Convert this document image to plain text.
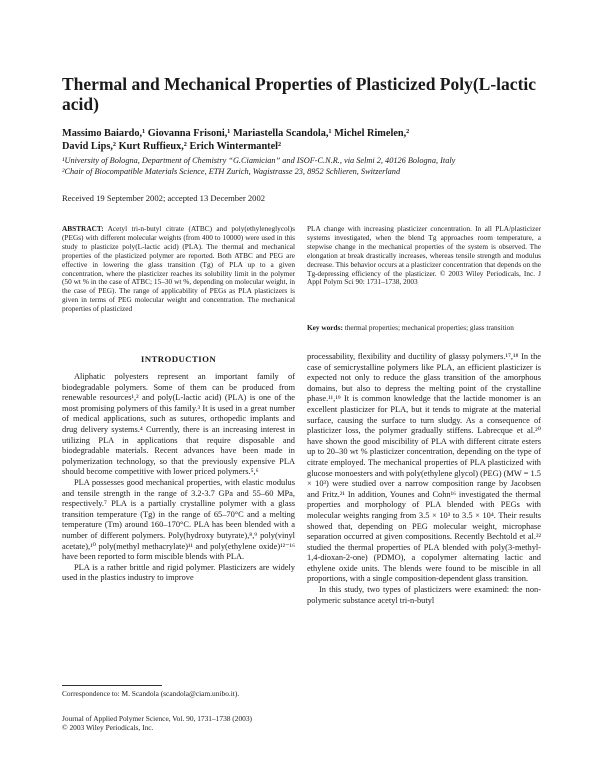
Thermal and Mechanical Properties of Plasticized Poly(L-lactic acid)
Massimo Baiardo,¹ Giovanna Frisoni,¹ Mariastella Scandola,¹ Michel Rimelen,²
David Lips,² Kurt Ruffieux,² Erich Wintermantel²
¹University of Bologna, Department of Chemistry “G.Ciamician” and ISOF-C.N.R., via Selmi 2, 40126 Bologna, Italy
²Chair of Biocompatible Materials Science, ETH Zurich, Wagistrasse 23, 8952 Schlieren, Switzerland
Received 19 September 2002; accepted 13 December 2002
ABSTRACT: Acetyl tri-n-butyl citrate (ATBC) and poly(ethyleneglycol)s (PEGs) with different molecular weights (from 400 to 10000) were used in this study to plasticize poly(L-lactic acid) (PLA). The thermal and mechanical properties of the plasticized polymer are reported. Both ATBC and PEG are effective in lowering the glass transition (Tg) of PLA up to a given concentration, where the plasticizer reaches its solubility limit in the polymer (50 wt % in the case of ATBC; 15–30 wt %, depending on molecular weight, in the case of PEG). The range of applicability of PEGs as PLA plasticizers is given in terms of PEG molecular weight and concentration. The mechanical properties of plasticized
PLA change with increasing plasticizer concentration. In all PLA/plasticizer systems investigated, when the blend Tg approaches room temperature, a stepwise change in the mechanical properties of the system is observed. The elongation at break drastically increases, whereas tensile strength and modulus decrease. This behavior occurs at a plasticizer concentration that depends on the Tg-depressing efficiency of the plasticizer. © 2003 Wiley Periodicals, Inc. J Appl Polym Sci 90: 1731–1738, 2003
Key words: thermal properties; mechanical properties; glass transition
INTRODUCTION

Aliphatic polyesters represent an important family of biodegradable polymers. Some of them can be produced from renewable resources¹,² and poly(L-lactic acid) (PLA) is one of the most promising polymers of this family.³ It is used in a great number of medical applications, such as sutures, orthopedic implants and drug delivery systems.⁴ Currently, there is an increasing interest in utilizing PLA in applications that require disposable and biodegradable materials. Recent advances have been made in polymerization technology, so that the previously expensive PLA should become competitive with lower priced polymers.⁵,⁶

PLA possesses good mechanical properties, with elastic modulus and tensile strength in the range of 3.2-3.7 GPa and 55–60 MPa, respectively.⁷ PLA is a partially crystalline polymer with a glass transition temperature (Tg) in the range of 65–70°C and a melting temperature (Tm) around 160–170°C. PLA has been blended with a number of different polymers. Poly(hydroxy butyrate),⁸,⁹ poly(vinyl acetate),¹⁰ poly(methyl methacrylate)¹¹ and poly(ethylene oxide)¹²⁻¹⁶ have been reported to form miscible blends with PLA.

PLA is a rather brittle and rigid polymer. Plasticizers are widely used in the plastics industry to improve

processability, flexibility and ductility of glassy polymers.¹⁷,¹⁸ In the case of semicrystalline polymers like PLA, an efficient plasticizer is expected not only to reduce the glass transition of the amorphous domains, but also to depress the melting point of the crystalline phase.¹¹,¹⁹ It is common knowledge that the lactide monomer is an excellent plasticizer for PLA, but it tends to migrate at the material surface, causing the surface to turn sludgy. As a consequence of plasticizer loss, the polymer gradually stiffens. Labrecque et al.²⁰ have shown the good miscibility of PLA with different citrate esters up to 20–30 wt % plasticizer concentration, depending on the type of citrate employed. The mechanical properties of PLA plasticized with glucose monoesters and with poly(ethylene glycol) (PEG) (MW = 1.5 × 10³) were studied over a narrow composition range by Jacobsen and Fritz.²¹ In addition, Younes and Cohn¹⁶ investigated the thermal properties and morphology of PLA blended with PEGs with molecular weights ranging from 3.5 × 10³ to 3.5 × 10⁴. Their results showed that, depending on PEG molecular weight, microphase separation occurred at given compositions. Recently Bechtold et al.²² studied the thermal properties of PLA blended with poly(3-methyl-1,4-dioxan-2-one) (PDMO), a copolymer alternating lactic and ethylene oxide units. The blends were found to be miscible in all proportions, with a single composition-dependent glass transition.

In this study, two types of plasticizers were examined: the non-polymeric substance acetyl tri-n-butyl

Correspondence to: M. Scandola (scandola@ciam.unibo.it).
Journal of Applied Polymer Science, Vol. 90, 1731–1738 (2003)
© 2003 Wiley Periodicals, Inc.
